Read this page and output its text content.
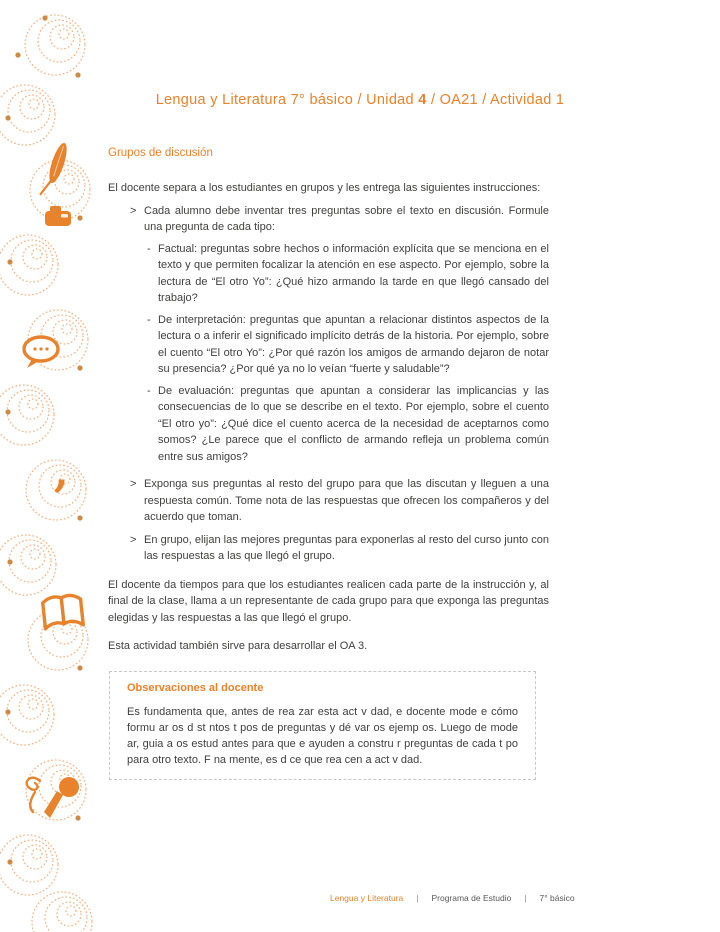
,
Lengua y Literatura 7° básico / Unidad 4 / OA21 / Actividad 1
Grupos de discusión

El docente separa a los estudiantes en grupos y les entrega las siguientes instrucciones:

> Cada alumno debe inventar tres preguntas sobre el texto en discusión. Formule una pregunta de cada tipo:
- Factual: preguntas sobre hechos o información explícita que se menciona en el texto y que permiten focalizar la atención en ese aspecto. Por ejemplo, sobre la lectura de “El otro Yo”: ¿Qué hizo armando la tarde en que llegó cansado del trabajo?
- De interpretación: preguntas que apuntan a relacionar distintos aspectos de la lectura o a inferir el significado implícito detrás de la historia. Por ejemplo, sobre el cuento “El otro Yo”: ¿Por qué razón los amigos de armando dejaron de notar su presencia? ¿Por qué ya no lo veían “fuerte y saludable”?
- De evaluación: preguntas que apuntan a considerar las implicancias y las consecuencias de lo que se describe en el texto. Por ejemplo, sobre el cuento “El otro yo”: ¿Qué dice el cuento acerca de la necesidad de aceptarnos como somos? ¿Le parece que el conflicto de armando refleja un problema común entre sus amigos?
> Exponga sus preguntas al resto del grupo para que las discutan y lleguen a una respuesta común. Tome nota de las respuestas que ofrecen los compañeros y del acuerdo que toman.
> En grupo, elijan las mejores preguntas para exponerlas al resto del curso junto con las respuestas a las que llegó el grupo.

El docente da tiempos para que los estudiantes realicen cada parte de la instrucción y, al final de la clase, llama a un representante de cada grupo para que exponga las preguntas elegidas y las respuestas a las que llegó el grupo.

Esta actividad también sirve para desarrollar el OA 3.

Observaciones al docente

Es fundamenta que, antes de rea zar esta act v dad, e docente mode e cómo formu ar os d st ntos t pos de preguntas y dé var os ejemp os. Luego de mode ar, guia a os estud antes para que e ayuden a constru r preguntas de cada t po para otro texto. F na mente, es d ce que rea cen a act v dad.

Lengua y Literatura | Programa de Estudio | 7° básico
